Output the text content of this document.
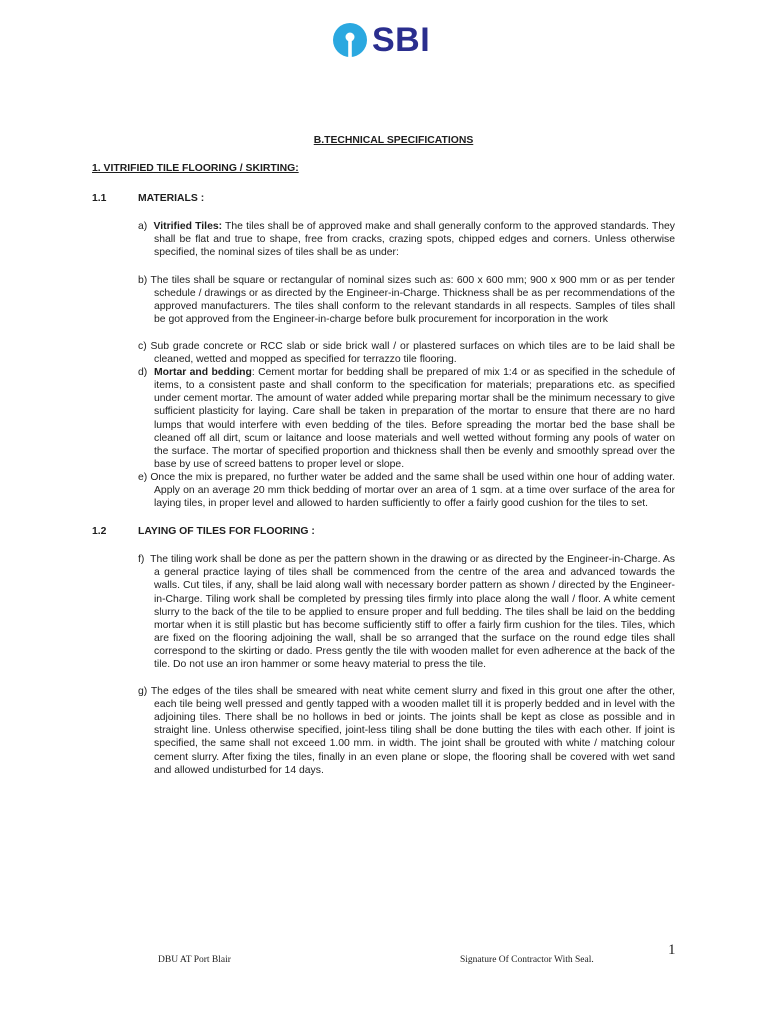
SBI

B.TECHNICAL SPECIFICATIONS

1. VITRIFIED TILE FLOORING / SKIRTING:

1.1	MATERIALS :

a) Vitrified Tiles: The tiles shall be of approved make and shall generally conform to the approved standards. They shall be flat and true to shape, free from cracks, crazing spots, chipped edges and corners. Unless otherwise specified, the nominal sizes of tiles shall be as under:

b) The tiles shall be square or rectangular of nominal sizes such as: 600 x 600 mm; 900 x 900 mm or as per tender schedule / drawings or as directed by the Engineer-in-Charge. Thickness shall be as per recommendations of the approved manufacturers. The tiles shall conform to the relevant standards in all respects. Samples of tiles shall be got approved from the Engineer-in-charge before bulk procurement for incorporation in the work

c) Sub grade concrete or RCC slab or side brick wall / or plastered surfaces on which tiles are to be laid shall be cleaned, wetted and mopped as specified for terrazzo tile flooring.

d) Mortar and bedding: Cement mortar for bedding shall be prepared of mix 1:4 or as specified in the schedule of items, to a consistent paste and shall conform to the specification for materials; preparations etc. as specified under cement mortar. The amount of water added while preparing mortar shall be the minimum necessary to give sufficient plasticity for laying. Care shall be taken in preparation of the mortar to ensure that there are no hard lumps that would interfere with even bedding of the tiles. Before spreading the mortar bed the base shall be cleaned off all dirt, scum or laitance and loose materials and well wetted without forming any pools of water on the surface. The mortar of specified proportion and thickness shall then be evenly and smoothly spread over the base by use of screed battens to proper level or slope.

e) Once the mix is prepared, no further water be added and the same shall be used within one hour of adding water. Apply on an average 20 mm thick bedding of mortar over an area of 1 sqm. at a time over surface of the area for laying tiles, in proper level and allowed to harden sufficiently to offer a fairly good cushion for the tiles to set.

1.2	LAYING OF TILES FOR FLOORING :

f) The tiling work shall be done as per the pattern shown in the drawing or as directed by the Engineer-in-Charge. As a general practice laying of tiles shall be commenced from the centre of the area and advanced towards the walls. Cut tiles, if any, shall be laid along wall with necessary border pattern as shown / directed by the Engineer-in-Charge. Tiling work shall be completed by pressing tiles firmly into place along the wall / floor. A white cement slurry to the back of the tile to be applied to ensure proper and full bedding. The tiles shall be laid on the bedding mortar when it is still plastic but has become sufficiently stiff to offer a fairly firm cushion for the tiles. Tiles, which are fixed on the flooring adjoining the wall, shall be so arranged that the surface on the round edge tiles shall correspond to the skirting or dado. Press gently the tile with wooden mallet for even adherence at the back of the tile. Do not use an iron hammer or some heavy material to press the tile.

g) The edges of the tiles shall be smeared with neat white cement slurry and fixed in this grout one after the other, each tile being well pressed and gently tapped with a wooden mallet till it is properly bedded and in level with the adjoining tiles. There shall be no hollows in bed or joints. The joints shall be kept as close as possible and in straight line. Unless otherwise specified, joint-less tiling shall be done butting the tiles with each other. If joint is specified, the same shall not exceed 1.00 mm. in width. The joint shall be grouted with white / matching colour cement slurry. After fixing the tiles, finally in an even plane or slope, the flooring shall be covered with wet sand and allowed undisturbed for 14 days.

1
DBU AT Port Blair	Signature Of Contractor With Seal.
